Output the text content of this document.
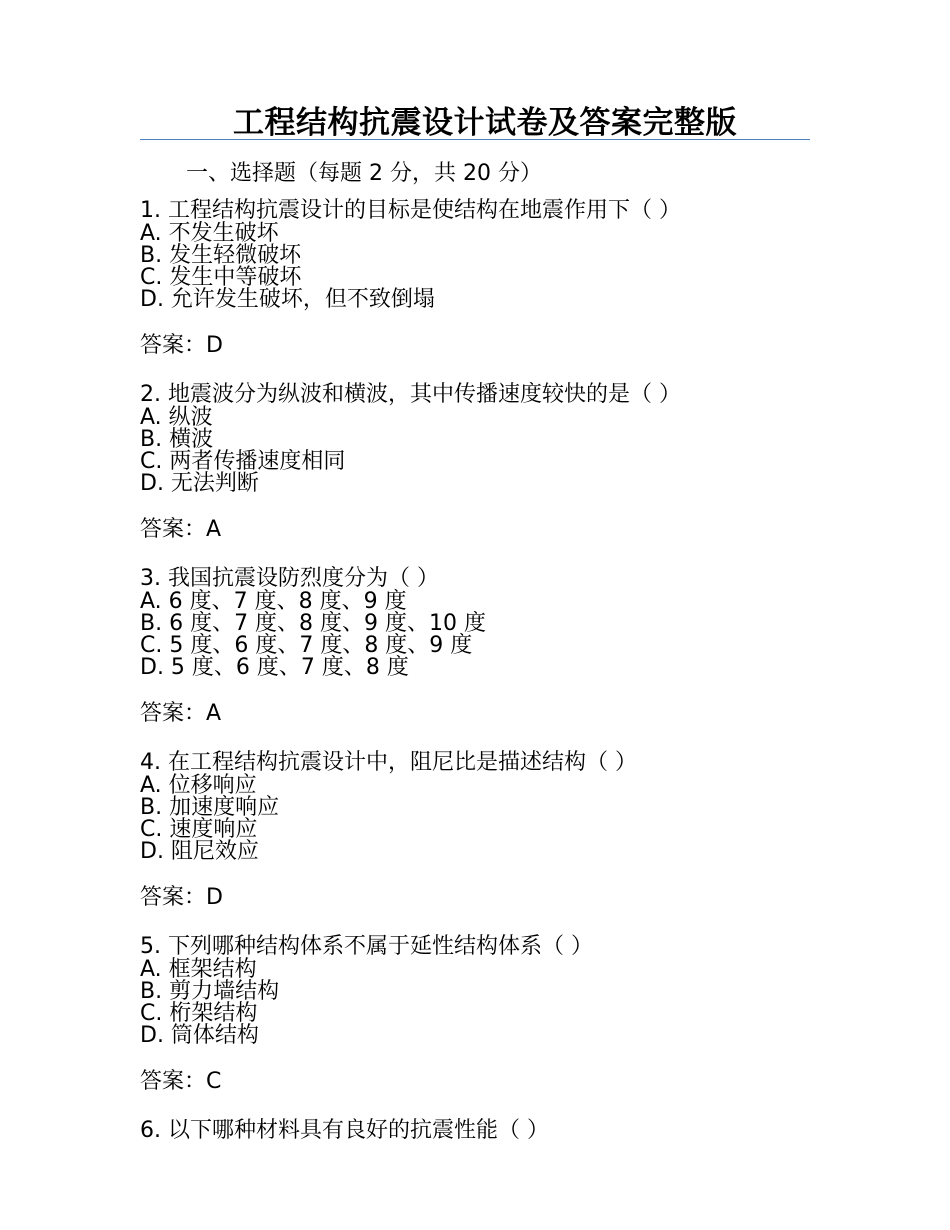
工程结构抗震设计试卷及答案完整版
一、选择题（每题 2 分，共 20 分）
1. 工程结构抗震设计的目标是使结构在地震作用下（ ）
A. 不发生破坏
B. 发生轻微破坏
C. 发生中等破坏
D. 允许发生破坏，但不致倒塌
答案：D
2. 地震波分为纵波和横波，其中传播速度较快的是（ ）
A. 纵波
B. 横波
C. 两者传播速度相同
D. 无法判断
答案：A
3. 我国抗震设防烈度分为（ ）
A. 6 度、7 度、8 度、9 度
B. 6 度、7 度、8 度、9 度、10 度
C. 5 度、6 度、7 度、8 度、9 度
D. 5 度、6 度、7 度、8 度
答案：A
4. 在工程结构抗震设计中，阻尼比是描述结构（ ）
A. 位移响应
B. 加速度响应
C. 速度响应
D. 阻尼效应
答案：D
5. 下列哪种结构体系不属于延性结构体系（ ）
A. 框架结构
B. 剪力墙结构
C. 桁架结构
D. 筒体结构
答案：C
6. 以下哪种材料具有良好的抗震性能（ ）
